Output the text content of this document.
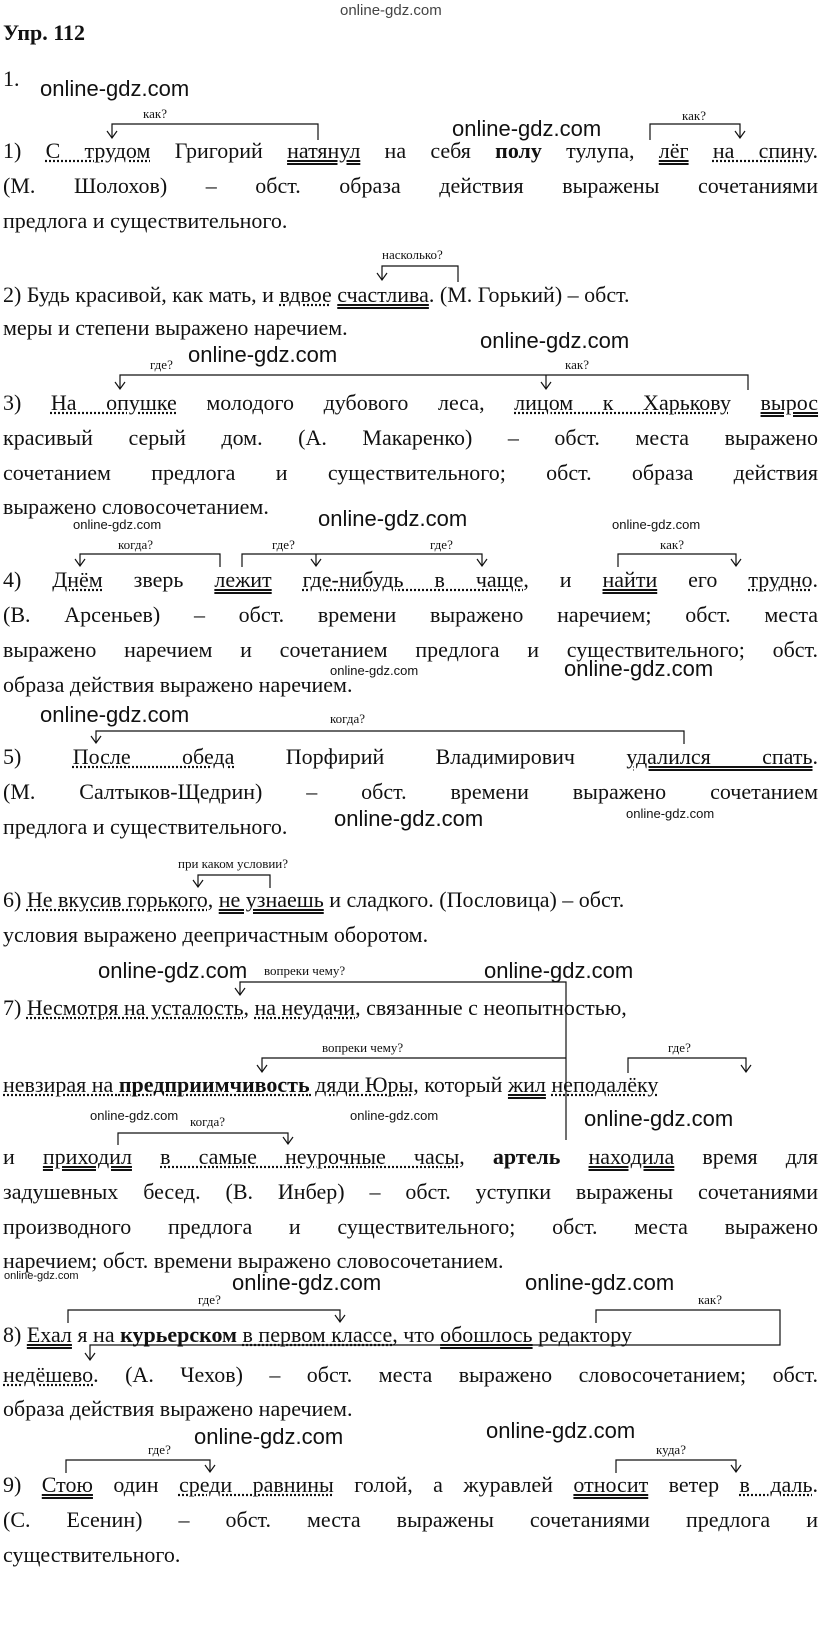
online-gdz.com
online-gdz.com
online-gdz.com
online-gdz.com
online-gdz.com
online-gdz.com	online-gdz.com	online-gdz.com
online-gdz.com	online-gdz.com
online-gdz.com
online-gdz.com	online-gdz.com
online-gdz.com	online-gdz.com
online-gdz.com	online-gdz.com	online-gdz.com
online-gdz.com	online-gdz.com	online-gdz.com
online-gdz.com	online-gdz.com
Упр. 112
1.
как?	как?
насколько?
где?	как?
когда?	где?	где?	как?
когда?
при каком условии?
вопреки чему?
вопреки чему?	где?
когда?
где?	как?
где?	куда?
1) С трудом Григорий натянул на себя полу тулупа, лёг на спину.
(М. Шолохов) – обст. образа действия выражены сочетаниями
предлога и существительного.
2) Будь красивой, как мать, и вдвое счастлива. (М. Горький) – обст.
меры и степени выражено наречием.
3) На опушке молодого дубового леса, лицом к Харькову вырос
красивый серый дом. (А. Макаренко) – обст. места выражено
сочетанием предлога и существительного; обст. образа действия
выражено словосочетанием.
4) Днём зверь лежит где-нибудь в чаще, и найти его трудно.
(В. Арсеньев) – обст. времени выражено наречием; обст. места
выражено наречием и сочетанием предлога и существительного; обст.
образа действия выражено наречием.
5) После обеда Порфирий Владимирович удалился спать.
(М. Салтыков-Щедрин) – обст. времени выражено сочетанием
предлога и существительного.
6) Не вкусив горького, не узнаешь и сладкого. (Пословица) – обст.
условия выражено деепричастным оборотом.
7) Несмотря на усталость, на неудачи, связанные с неопытностью,
невзирая на предприимчивость дяди Юры, который жил неподалёку
и приходил в самые неурочные часы, артель находила время для
задушевных бесед. (В. Инбер) – обст. уступки выражены сочетаниями
производного предлога и существительного; обст. места выражено
наречием; обст. времени выражено словосочетанием.
8) Ехал я на курьерском в первом классе, что обошлось редактору
недёшево. (А. Чехов) – обст. места выражено словосочетанием; обст.
образа действия выражено наречием.
9) Стою один среди равнины голой, а журавлей относит ветер в даль.
(С. Есенин) – обст. места выражены сочетаниями предлога и
существительного.
